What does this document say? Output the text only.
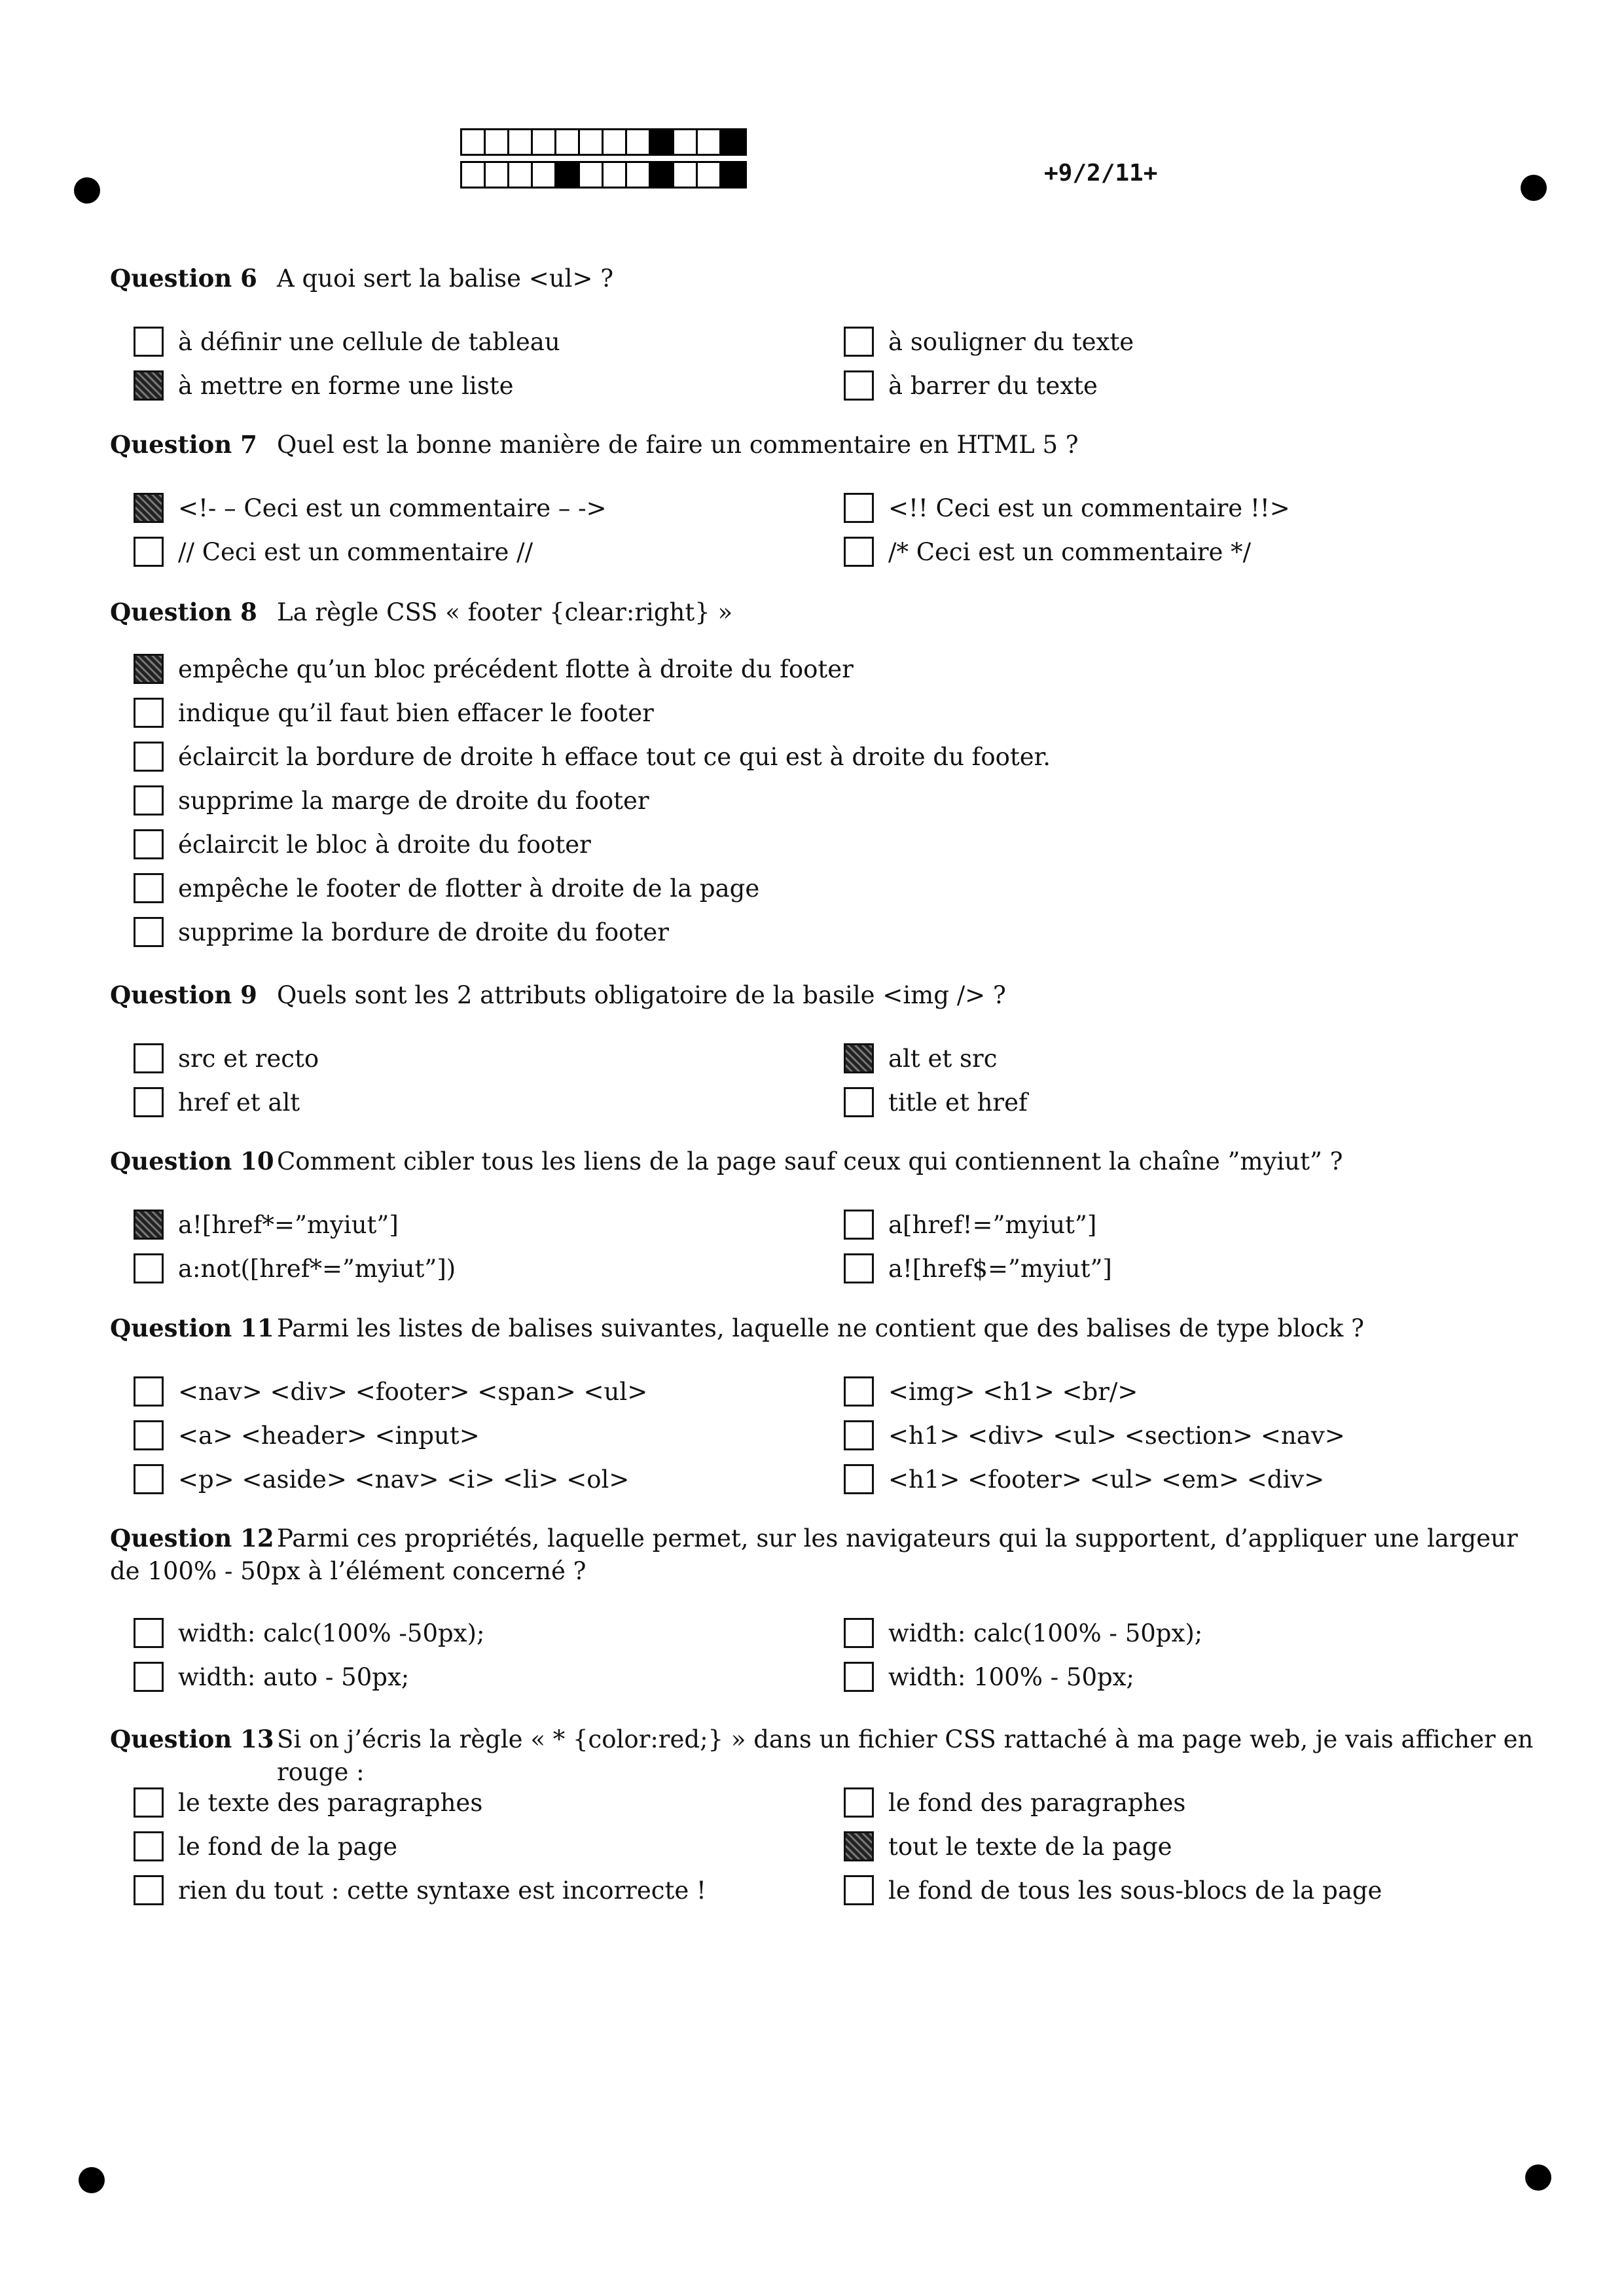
+9/2/11+
Question 6 A quoi sert la balise <ul> ?
à définir une cellule de tableau
à mettre en forme une liste
à souligner du texte
à barrer du texte
Question 7 Quel est la bonne manière de faire un commentaire en HTML 5 ?
<!- – Ceci est un commentaire – ->
// Ceci est un commentaire //
<!! Ceci est un commentaire !!>
/* Ceci est un commentaire */
Question 8 La règle CSS « footer {clear:right} »
empêche qu’un bloc précédent flotte à droite du footer
indique qu’il faut bien effacer le footer
éclaircit la bordure de droite h efface tout ce qui est à droite du footer.
supprime la marge de droite du footer
éclaircit le bloc à droite du footer
empêche le footer de flotter à droite de la page
supprime la bordure de droite du footer
Question 9 Quels sont les 2 attributs obligatoire de la basile <img /> ?
src et recto
href et alt
alt et src
title et href
Question 10 Comment cibler tous les liens de la page sauf ceux qui contiennent la chaîne ”myiut” ?
a![href*=”myiut”]
a:not([href*=”myiut”])
a[href!=”myiut”]
a![href$=”myiut”]
Question 11 Parmi les listes de balises suivantes, laquelle ne contient que des balises de type block ?
<nav> <div> <footer> <span> <ul>
<a> <header> <input>
<p> <aside> <nav> <i> <li> <ol>
<img> <h1> <br/>
<h1> <div> <ul> <section> <nav>
<h1> <footer> <ul> <em> <div>
Question 12 Parmi ces propriétés, laquelle permet, sur les navigateurs qui la supportent, d’appliquer une largeur de 100% - 50px à l’élément concerné ?
width: calc(100% -50px);
width: auto - 50px;
width: calc(100% - 50px);
width: 100% - 50px;
Question 13 Si on j’écris la règle « * {color:red;} » dans un fichier CSS rattaché à ma page web, je vais afficher en rouge :
le texte des paragraphes
le fond de la page
rien du tout : cette syntaxe est incorrecte !
le fond des paragraphes
tout le texte de la page
le fond de tous les sous-blocs de la page
